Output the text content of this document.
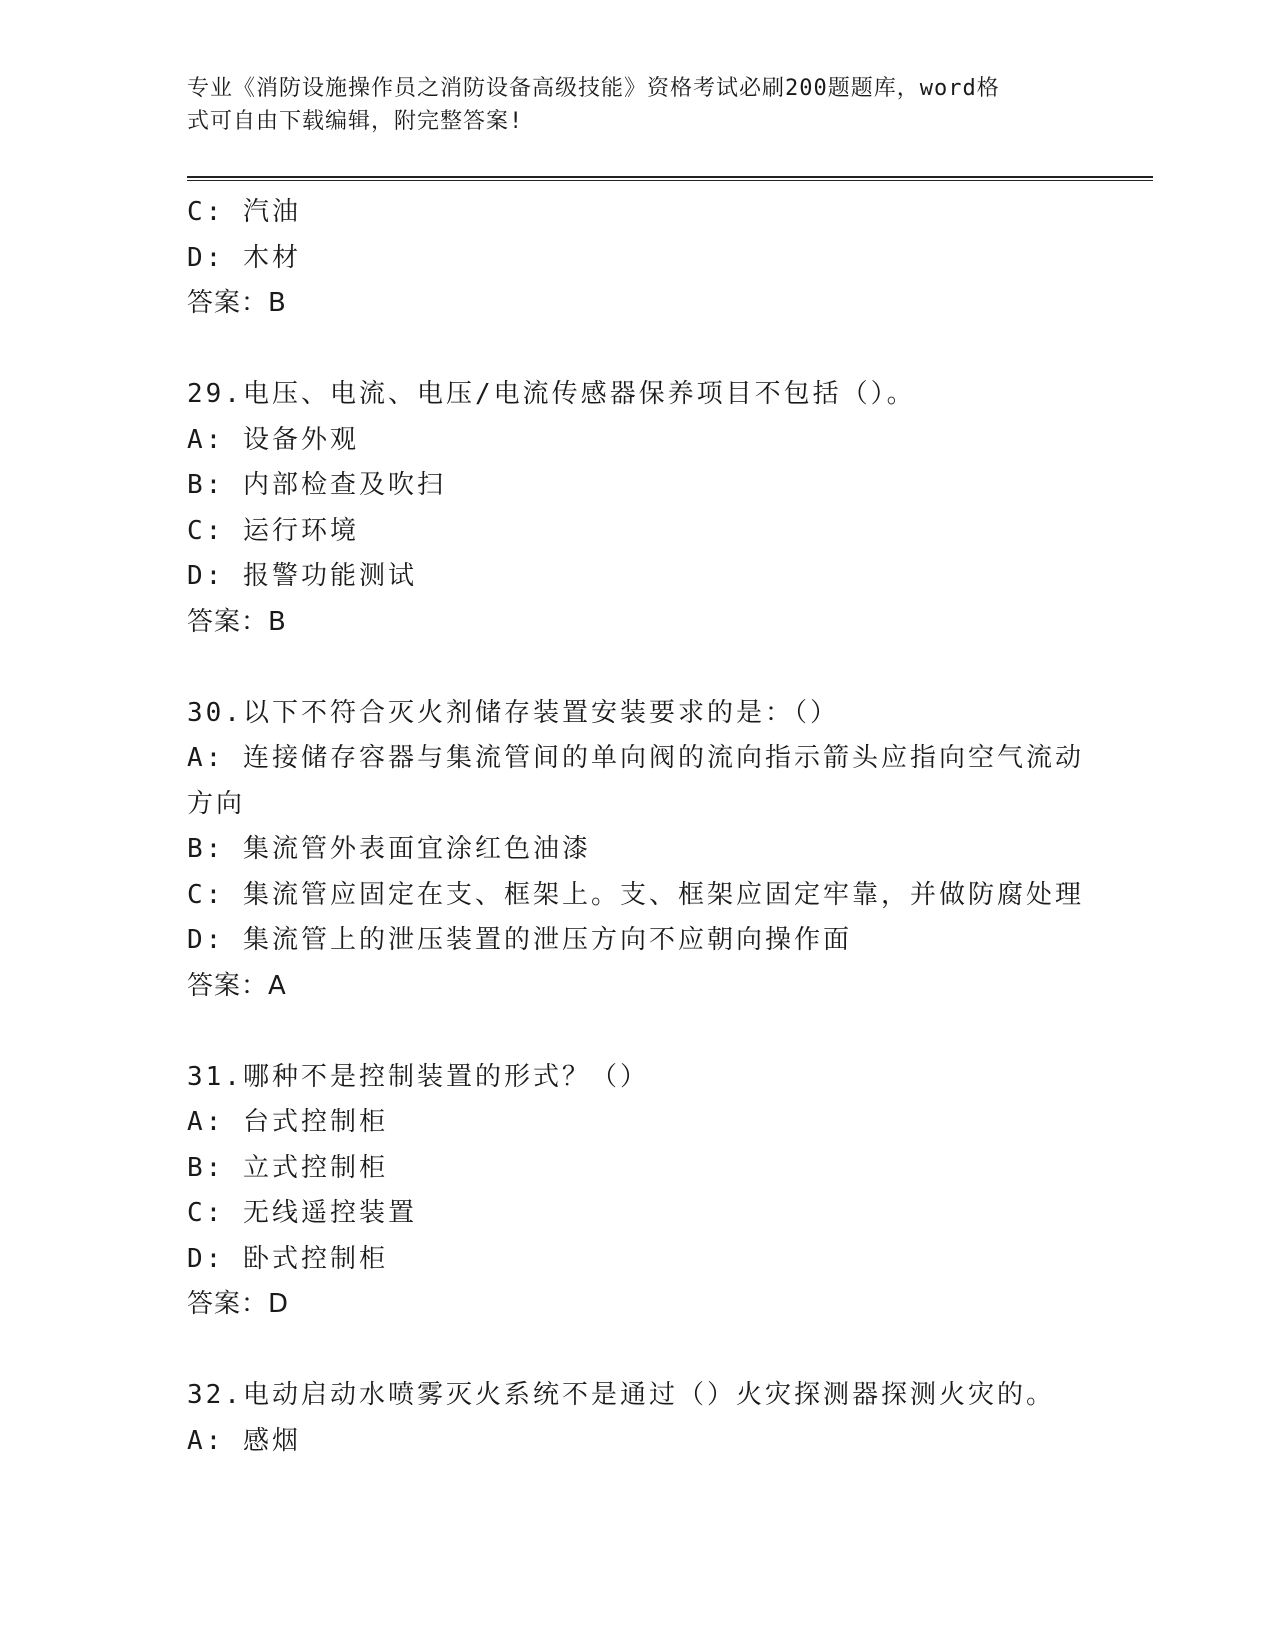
专业《消防设施操作员之消防设备高级技能》资格考试必刷200题题库，word格
式可自由下载编辑，附完整答案!
C: 汽油
D: 木材
答案：B
29.电压、电流、电压/电流传感器保养项目不包括（）。
A: 设备外观
B: 内部检查及吹扫
C: 运行环境
D: 报警功能测试
答案：B
30.以下不符合灭火剂储存装置安装要求的是：（）
A: 连接储存容器与集流管间的单向阀的流向指示箭头应指向空气流动
方向
B: 集流管外表面宜涂红色油漆
C: 集流管应固定在支、框架上。支、框架应固定牢靠，并做防腐处理
D: 集流管上的泄压装置的泄压方向不应朝向操作面
答案：A
31.哪种不是控制装置的形式？（）
A: 台式控制柜
B: 立式控制柜
C: 无线遥控装置
D: 卧式控制柜
答案：D
32.电动启动水喷雾灭火系统不是通过（）火灾探测器探测火灾的。
A: 感烟
